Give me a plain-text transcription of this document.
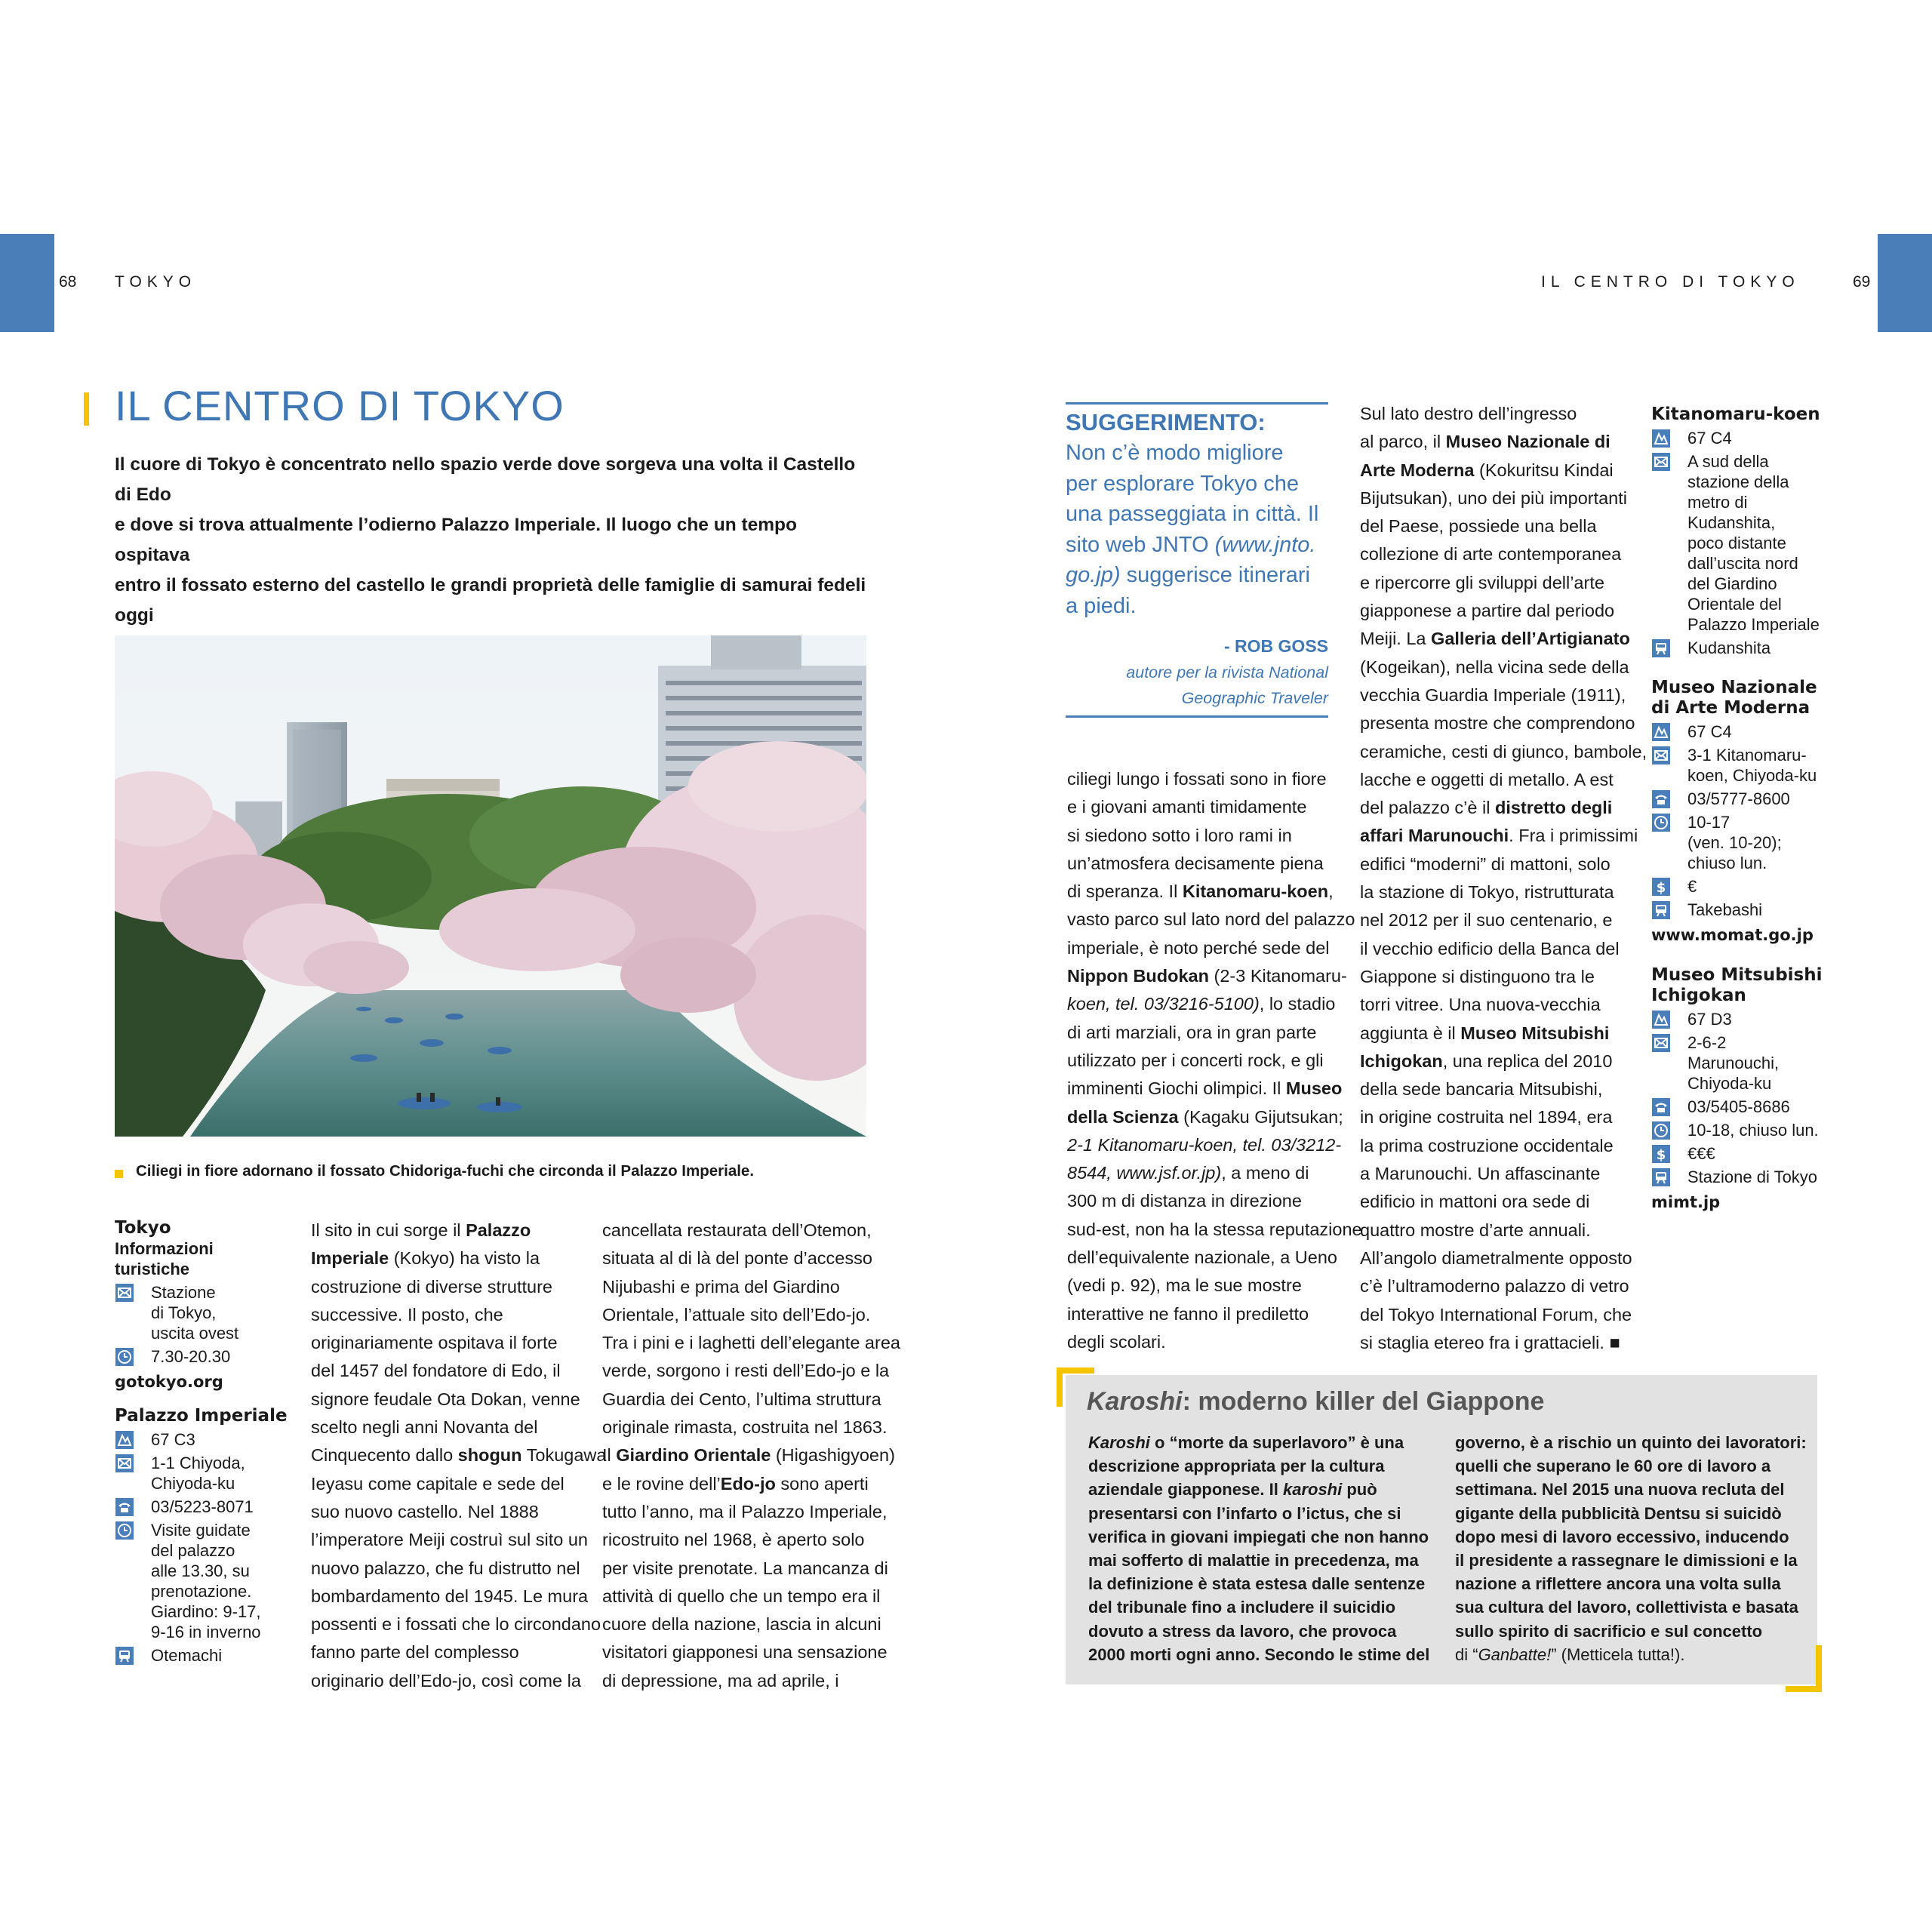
68 TOKYO	IL CENTRO DI TOKYO	69
IL CENTRO DI TOKYO
Il cuore di Tokyo è concentrato nello spazio verde dove sorgeva una volta il Castello di Edo
e dove si trova attualmente l’odierno Palazzo Imperiale. Il luogo che un tempo ospitava
entro il fossato esterno del castello le grandi proprietà delle famiglie di samurai fedeli oggi
Ciliegi in fiore adornano il fossato Chidoriga-fuchi che circonda il Palazzo Imperiale.
Tokyo
Informazioni
turistiche
Stazione
di Tokyo,
uscita ovest
7.30-20.30
gotokyo.org
Palazzo Imperiale
67 C3
1-1 Chiyoda,
Chiyoda-ku
03/5223-8071
Visite guidate
del palazzo
alle 13.30, su
prenotazione.
Giardino: 9-17,
9-16 in inverno
Otemachi
Il sito in cui sorge il Palazzo
Imperiale (Kokyo) ha visto la
costruzione di diverse strutture
successive. Il posto, che
originariamente ospitava il forte
del 1457 del fondatore di Edo, il
signore feudale Ota Dokan, venne
scelto negli anni Novanta del
Cinquecento dallo shogun Tokugawa
Ieyasu come capitale e sede del
suo nuovo castello. Nel 1888
l’imperatore Meiji costruì sul sito un
nuovo palazzo, che fu distrutto nel
bombardamento del 1945. Le mura
possenti e i fossati che lo circondano
fanno parte del complesso
originario dell’Edo-jo, così come la
cancellata restaurata dell’Otemon,
situata al di là del ponte d’accesso
Nijubashi e prima del Giardino
Orientale, l’attuale sito dell’Edo-jo.
Tra i pini e i laghetti dell’elegante area
verde, sorgono i resti dell’Edo-jo e la
Guardia dei Cento, l’ultima struttura
originale rimasta, costruita nel 1863.
Il Giardino Orientale (Higashigyoen)
e le rovine dell’Edo-jo sono aperti
tutto l’anno, ma il Palazzo Imperiale,
ricostruito nel 1968, è aperto solo
per visite prenotate. La mancanza di
attività di quello che un tempo era il
cuore della nazione, lascia in alcuni
visitatori giapponesi una sensazione
di depressione, ma ad aprile, i
SUGGERIMENTO:
Non c’è modo migliore
per esplorare Tokyo che
una passeggiata in città. Il
sito web JNTO (www.jnto.
go.jp) suggerisce itinerari
a piedi.
- ROB GOSS
autore per la rivista National
Geographic Traveler
ciliegi lungo i fossati sono in fiore
e i giovani amanti timidamente
si siedono sotto i loro rami in
un’atmosfera decisamente piena
di speranza. Il Kitanomaru-koen,
vasto parco sul lato nord del palazzo
imperiale, è noto perché sede del
Nippon Budokan (2-3 Kitanomaru-
koen, tel. 03/3216-5100), lo stadio
di arti marziali, ora in gran parte
utilizzato per i concerti rock, e gli
imminenti Giochi olimpici. Il Museo
della Scienza (Kagaku Gijutsukan;
2-1 Kitanomaru-koen, tel. 03/3212-
8544, www.jsf.or.jp), a meno di
300 m di distanza in direzione
sud-est, non ha la stessa reputazione
dell’equivalente nazionale, a Ueno
(vedi p. 92), ma le sue mostre
interattive ne fanno il prediletto
degli scolari.
Sul lato destro dell’ingresso
al parco, il Museo Nazionale di
Arte Moderna (Kokuritsu Kindai
Bijutsukan), uno dei più importanti
del Paese, possiede una bella
collezione di arte contemporanea
e ripercorre gli sviluppi dell’arte
giapponese a partire dal periodo
Meiji. La Galleria dell’Artigianato
(Kogeikan), nella vicina sede della
vecchia Guardia Imperiale (1911),
presenta mostre che comprendono
ceramiche, cesti di giunco, bambole,
lacche e oggetti di metallo. A est
del palazzo c’è il distretto degli
affari Marunouchi. Fra i primissimi
edifici “moderni” di mattoni, solo
la stazione di Tokyo, ristrutturata
nel 2012 per il suo centenario, e
il vecchio edificio della Banca del
Giappone si distinguono tra le
torri vitree. Una nuova-vecchia
aggiunta è il Museo Mitsubishi
Ichigokan, una replica del 2010
della sede bancaria Mitsubishi,
in origine costruita nel 1894, era
la prima costruzione occidentale
a Marunouchi. Un affascinante
edificio in mattoni ora sede di
quattro mostre d’arte annuali.
All’angolo diametralmente opposto
c’è l’ultramoderno palazzo di vetro
del Tokyo International Forum, che
si staglia etereo fra i grattacieli. ■
Kitanomaru-koen
67 C4
A sud della
stazione della
metro di
Kudanshita,
poco distante
dall’uscita nord
del Giardino
Orientale del
Palazzo Imperiale
Kudanshita
Museo Nazionale
di Arte Moderna
67 C4
3-1 Kitanomaru-
koen, Chiyoda-ku
03/5777-8600
10-17
(ven. 10-20);
chiuso lun.
$ €
Takebashi
www.momat.go.jp
Museo Mitsubishi
Ichigokan
67 D3
2-6-2
Marunouchi,
Chiyoda-ku
03/5405-8686
10-18, chiuso lun.
$ €€€
Stazione di Tokyo
mimt.jp
Karoshi: moderno killer del Giappone
Karoshi o “morte da superlavoro” è una
descrizione appropriata per la cultura
aziendale giapponese. Il karoshi può
presentarsi con l’infarto o l’ictus, che si
verifica in giovani impiegati che non hanno
mai sofferto di malattie in precedenza, ma
la definizione è stata estesa dalle sentenze
del tribunale fino a includere il suicidio
dovuto a stress da lavoro, che provoca
2000 morti ogni anno. Secondo le stime del
governo, è a rischio un quinto dei lavoratori:
quelli che superano le 60 ore di lavoro a
settimana. Nel 2015 una nuova recluta del
gigante della pubblicità Dentsu si suicidò
dopo mesi di lavoro eccessivo, inducendo
il presidente a rassegnare le dimissioni e la
nazione a riflettere ancora una volta sulla
sua cultura del lavoro, collettivista e basata
sullo spirito di sacrificio e sul concetto
di “Ganbatte!” (Metticela tutta!).
